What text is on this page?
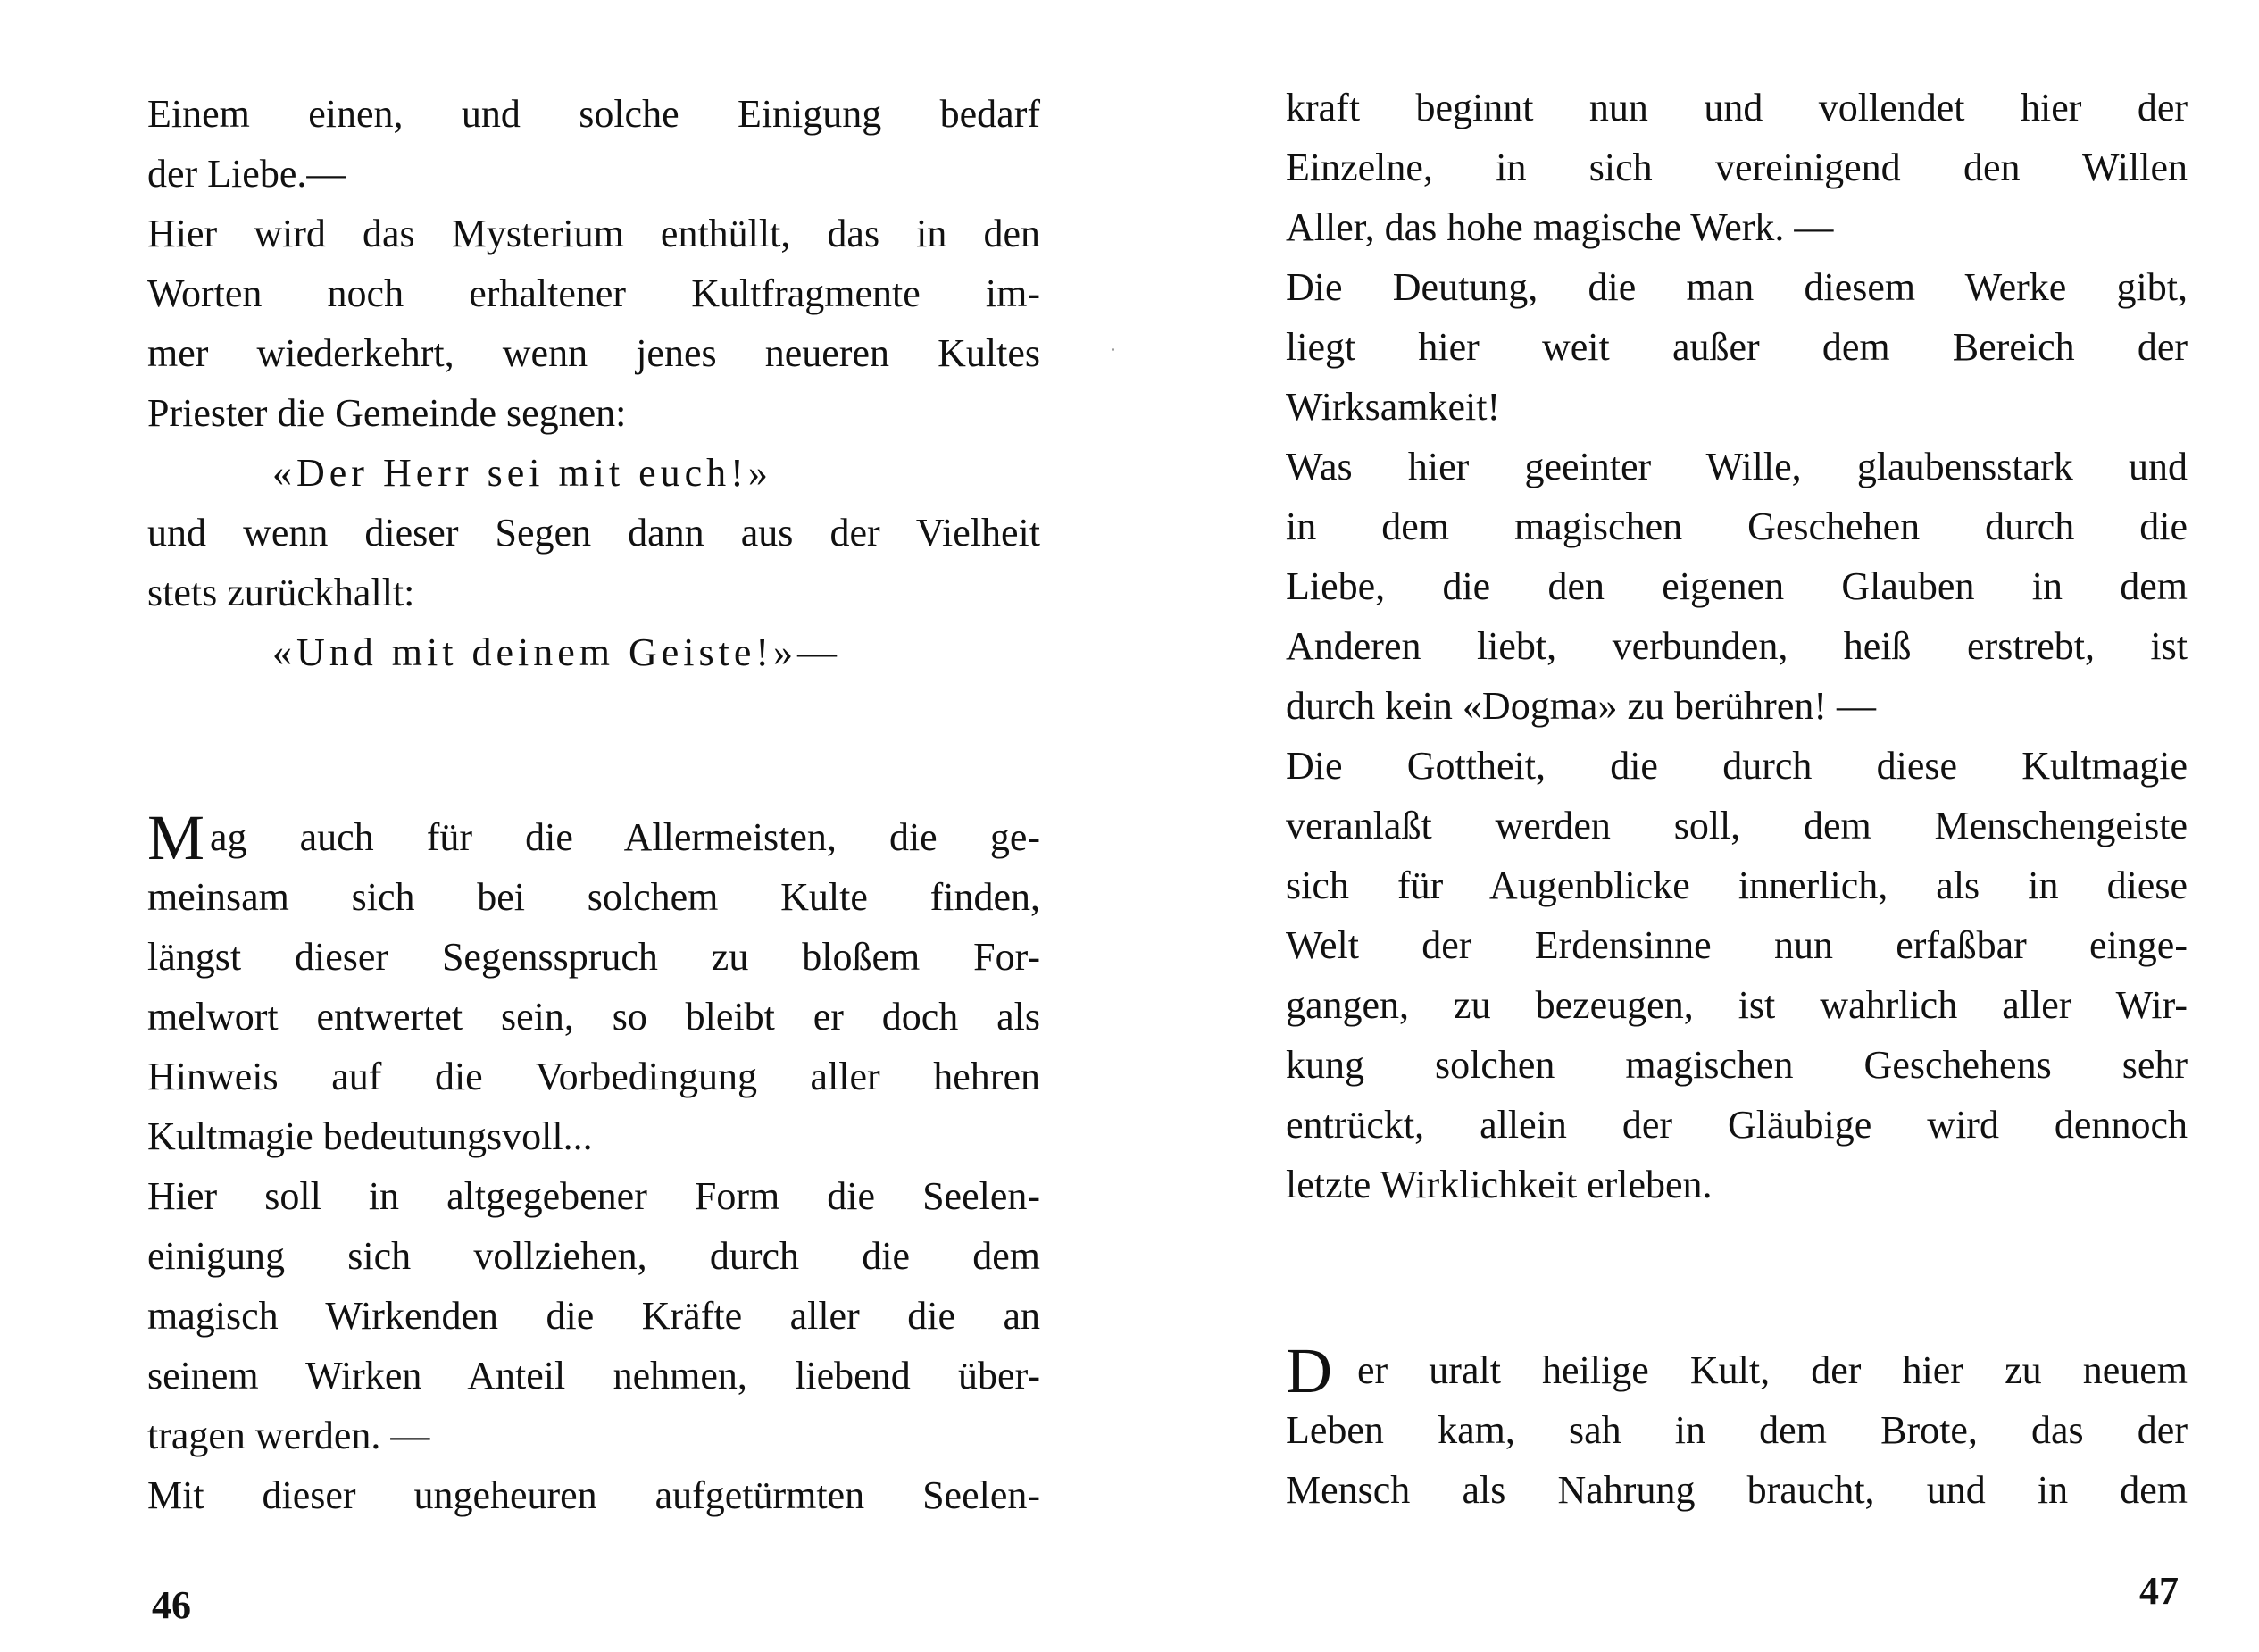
Einem einen, und solche Einigung bedarf
der Liebe.—
Hier wird das Mysterium enthüllt, das in den
Worten noch erhaltener Kultfragmente im-
mer wiederkehrt, wenn jenes neueren Kultes
Priester die Gemeinde segnen:
«Der Herr sei mit euch!»
und wenn dieser Segen dann aus der Vielheit
stets zurückhallt:
«Und mit deinem Geiste!»—
M ag auch für die Allermeisten, die ge-
meinsam sich bei solchem Kulte finden,
längst dieser Segensspruch zu bloßem For-
melwort entwertet sein, so bleibt er doch als
Hinweis auf die Vorbedingung aller hehren
Kultmagie bedeutungsvoll...
Hier soll in altgegebener Form die Seelen-
einigung sich vollziehen, durch die dem
magisch Wirkenden die Kräfte aller die an
seinem Wirken Anteil nehmen, liebend über-
tragen werden. —
Mit dieser ungeheuren aufgetürmten Seelen-
46
kraft beginnt nun und vollendet hier der
Einzelne, in sich vereinigend den Willen
Aller, das hohe magische Werk. —
Die Deutung, die man diesem Werke gibt,
liegt hier weit außer dem Bereich der
Wirksamkeit!
Was hier geeinter Wille, glaubensstark und
in dem magischen Geschehen durch die
Liebe, die den eigenen Glauben in dem
Anderen liebt, verbunden, heiß erstrebt, ist
durch kein «Dogma» zu berühren! —
Die Gottheit, die durch diese Kultmagie
veranlaßt werden soll, dem Menschengeiste
sich für Augenblicke innerlich, als in diese
Welt der Erdensinne nun erfaßbar einge-
gangen, zu bezeugen, ist wahrlich aller Wir-
kung solchen magischen Geschehens sehr
entrückt, allein der Gläubige wird dennoch
letzte Wirklichkeit erleben.
D er uralt heilige Kult, der hier zu neuem
Leben kam, sah in dem Brote, das der
Mensch als Nahrung braucht, und in dem
47
